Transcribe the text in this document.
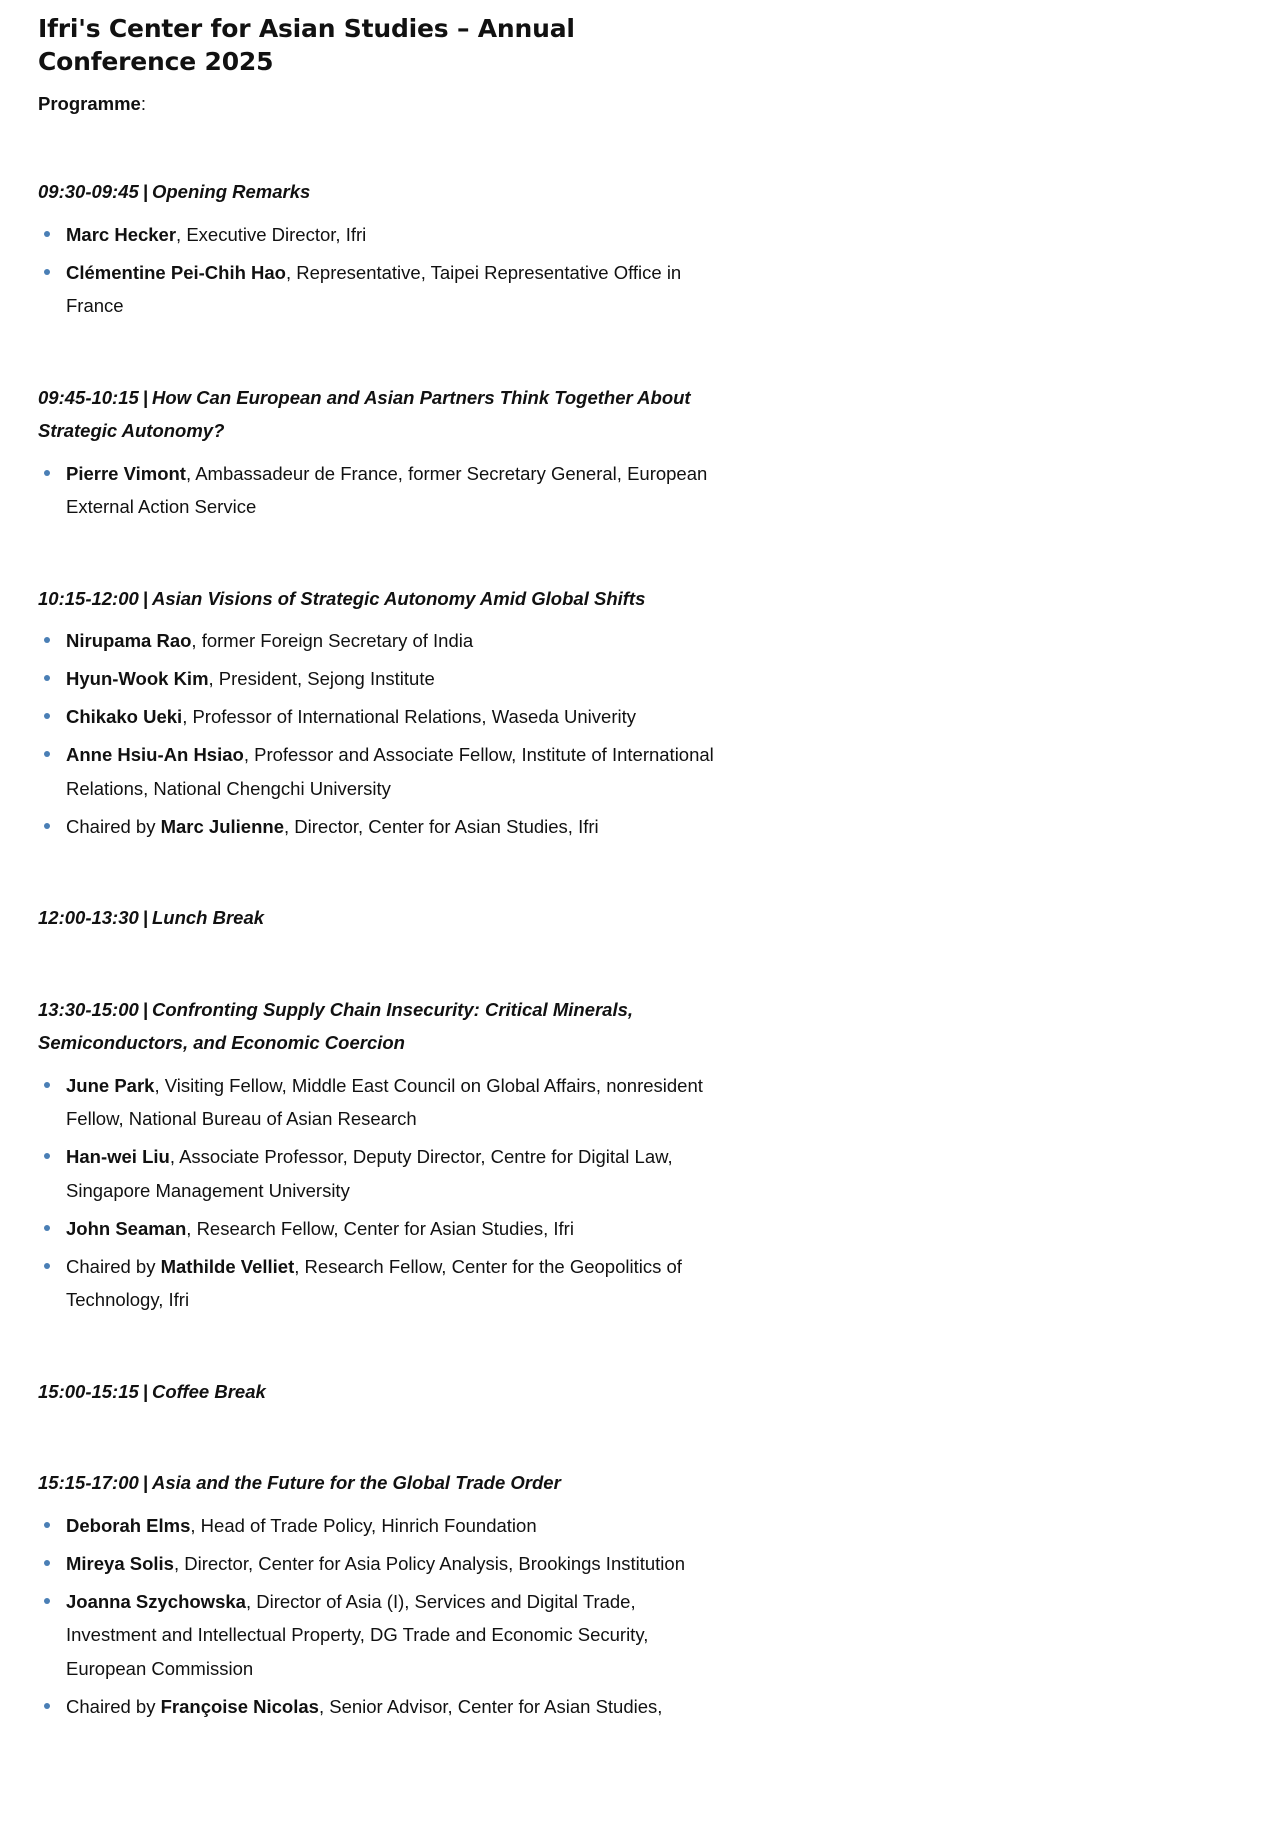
Ifri's Center for Asian Studies – Annual Conference 2025
Programme:

09:30-09:45 | Opening Remarks

Marc Hecker, Executive Director, Ifri
Clémentine Pei-Chih Hao, Representative, Taipei Representative Office in France

09:45-10:15 | How Can European and Asian Partners Think Together About Strategic Autonomy?

Pierre Vimont, Ambassadeur de France, former Secretary General, European External Action Service

10:15-12:00 | Asian Visions of Strategic Autonomy Amid Global Shifts

Nirupama Rao, former Foreign Secretary of India
Hyun-Wook Kim, President, Sejong Institute
Chikako Ueki, Professor of International Relations, Waseda Univerity
Anne Hsiu-An Hsiao, Professor and Associate Fellow, Institute of International Relations, National Chengchi University
Chaired by Marc Julienne, Director, Center for Asian Studies, Ifri

12:00-13:30 | Lunch Break

13:30-15:00 | Confronting Supply Chain Insecurity: Critical Minerals, Semiconductors, and Economic Coercion

June Park, Visiting Fellow, Middle East Council on Global Affairs, nonresident Fellow, National Bureau of Asian Research
Han-wei Liu, Associate Professor, Deputy Director, Centre for Digital Law, Singapore Management University
John Seaman, Research Fellow, Center for Asian Studies, Ifri
Chaired by Mathilde Velliet, Research Fellow, Center for the Geopolitics of Technology, Ifri

15:00-15:15 | Coffee Break

15:15-17:00 | Asia and the Future for the Global Trade Order

Deborah Elms, Head of Trade Policy, Hinrich Foundation
Mireya Solis, Director, Center for Asia Policy Analysis, Brookings Institution
Joanna Szychowska, Director of Asia (I), Services and Digital Trade, Investment and Intellectual Property, DG Trade and Economic Security, European Commission
Chaired by Françoise Nicolas, Senior Advisor, Center for Asian Studies,
